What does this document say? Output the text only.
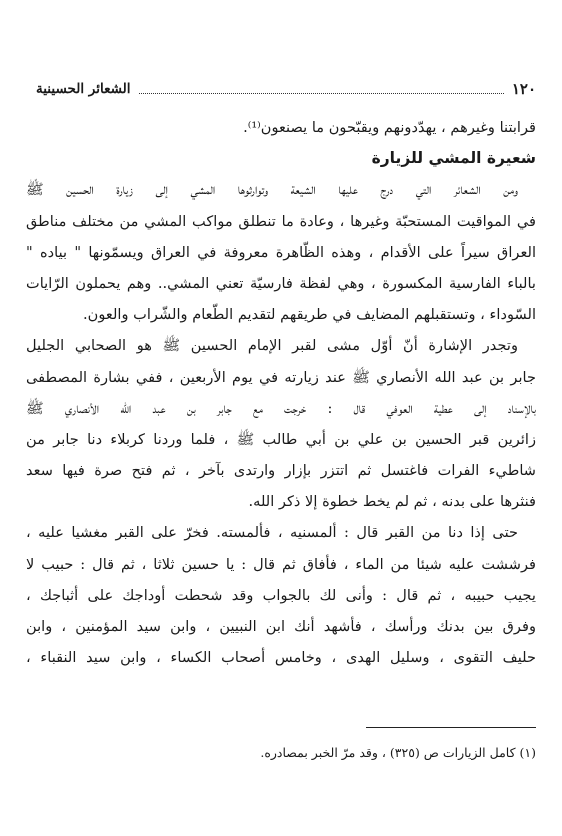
١٢٠
الشعائر الحسينية
قرابتنا وغيرهم ، يهدّدونهم ويقبّحون ما يصنعون⁽¹⁾.
شعيرة المشي للزيارة
ومن الشعائر التي درج عليها الشيعة وتوارثوها المشي إلى زيارة الحسين ﷺ
في المواقيت المستحبّة وغيرها ، وعادة ما تنطلق مواكب المشي من مختلف مناطق
العراق سيراً على الأقدام ، وهذه الظّاهرة معروفة في العراق ويسمّونها " بياده "
بالباء الفارسية المكسورة ، وهي لفظة فارسيّة تعني المشي.. وهم يحملون الرّايات
السّوداء ، وتستقبلهم المضايف في طريقهم لتقديم الطّعام والشّراب والعون.
وتجدر الإشارة أنّ أوّل مشى لقبر الإمام الحسين ﷺ هو الصحابي الجليل
جابر بن عبد الله الأنصاري ﷺ عند زيارته في يوم الأربعين ، ففي بشارة المصطفى
بالإسناد إلى عطية العوفي قال : خرجت مع جابر بن عبد الله الأنصاري ﷺ
زائرين قبر الحسين بن علي بن أبي طالب ﷺ ، فلما وردنا كربلاء دنا جابر من
شاطيء الفرات فاغتسل ثم اتتزر بإزار وارتدى بآخر ، ثم فتح صرة فيها سعد
فنثرها على بدنه ، ثم لم يخط خطوة إلا ذكر الله.
حتى إذا دنا من القبر قال : ألمسنيه ، فألمسته. فخرّ على القبر مغشيا عليه ،
فرششت عليه شيئا من الماء ، فأفاق ثم قال : يا حسين ثلاثا ، ثم قال : حبيب لا
يجيب حبيبه ، ثم قال : وأنى لك بالجواب وقد شحطت أوداجك على أثباجك ،
وفرق بين بدنك ورأسك ، فأشهد أنك ابن النبيين ، وابن سيد المؤمنين ، وابن
حليف التقوى ، وسليل الهدى ، وخامس أصحاب الكساء ، وابن سيد النقباء ،
(١) كامل الزيارات ص (٣٢٥) ، وقد مرّ الخبر بمصادره.
